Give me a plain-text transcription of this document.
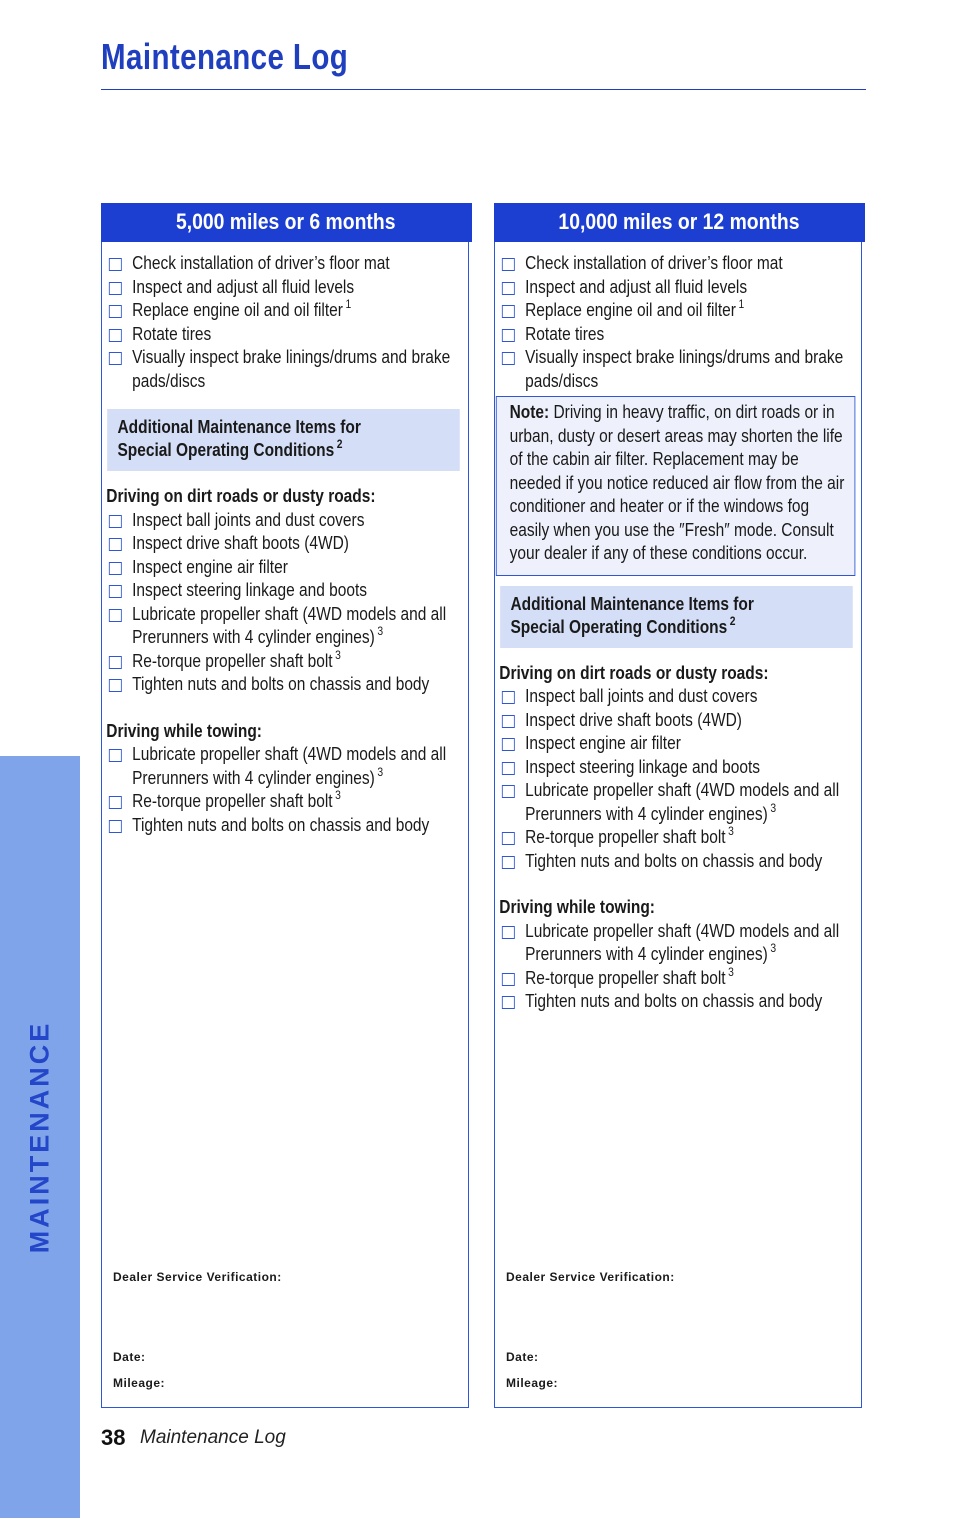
Maintenance Log
MAINTENANCE
5,000 miles or 6 months
Check installation of driver’s floor mat
Inspect and adjust all fluid levels
Replace engine oil and oil filter $^1$
Rotate tires
Visually inspect brake linings/drums and brake pads/discs
Additional Maintenance Items for
Special Operating Conditions $^2$
Driving on dirt roads or dusty roads:
Inspect ball joints and dust covers
Inspect drive shaft boots (4WD)
Inspect engine air filter
Inspect steering linkage and boots
Lubricate propeller shaft (4WD models and all Prerunners with 4 cylinder engines) $^3$
Re-torque propeller shaft bolt $^3$
Tighten nuts and bolts on chassis and body
Driving while towing:
Lubricate propeller shaft (4WD models and all Prerunners with 4 cylinder engines) $^3$
Re-torque propeller shaft bolt $^3$
Tighten nuts and bolts on chassis and body
Dealer Service Verification:
Date:
Mileage:
10,000 miles or 12 months
Check installation of driver’s floor mat
Inspect and adjust all fluid levels
Replace engine oil and oil filter $^1$
Rotate tires
Visually inspect brake linings/drums and brake pads/discs
Note: Driving in heavy traffic, on dirt roads or in urban, dusty or desert areas may shorten the life of the cabin air filter. Replacement may be needed if you notice reduced air flow from the air conditioner and heater or if the windows fog easily when you use the ″Fresh″ mode. Consult your dealer if any of these conditions occur.
Additional Maintenance Items for
Special Operating Conditions $^2$
Driving on dirt roads or dusty roads:
Inspect ball joints and dust covers
Inspect drive shaft boots (4WD)
Inspect engine air filter
Inspect steering linkage and boots
Lubricate propeller shaft (4WD models and all Prerunners with 4 cylinder engines) $^3$
Re-torque propeller shaft bolt $^3$
Tighten nuts and bolts on chassis and body
Driving while towing:
Lubricate propeller shaft (4WD models and all Prerunners with 4 cylinder engines) $^3$
Re-torque propeller shaft bolt $^3$
Tighten nuts and bolts on chassis and body
Dealer Service Verification:
Date:
Mileage:
38 Maintenance Log
